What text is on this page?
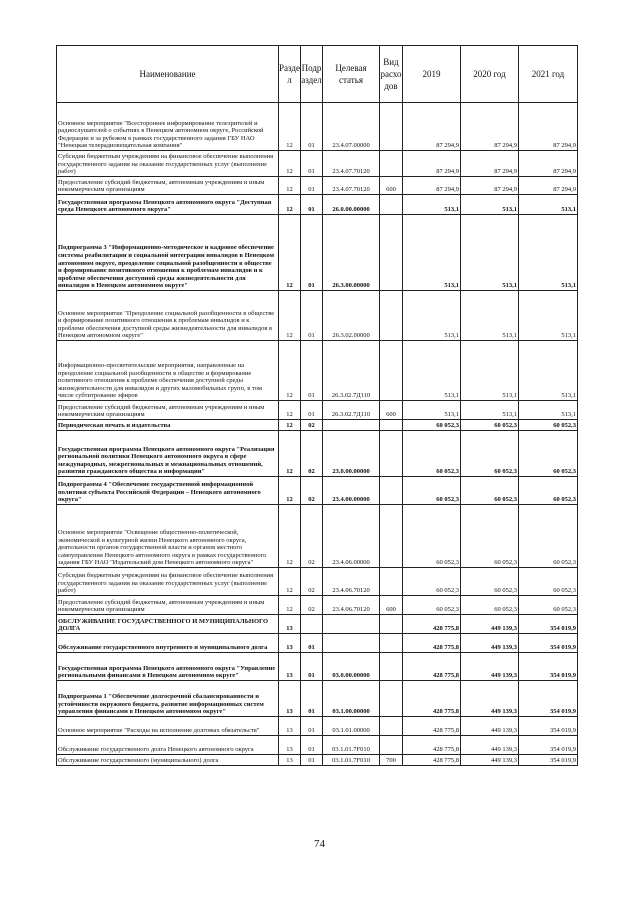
Наименование	Разде л	Подр аздел	Целевая статья	Вид расхо дов	2019	2020 год	2021 год
Основное мероприятие "Всестороннее информирование телезрителей и радиослушателей о событиях в Ненецком автономном округе, Российской Федерации и за рубежом в рамках государственного задания ГБУ НАО "Ненецкая телерадиовещательная компания"	12	01	23.4.07.00000		87 294,9	87 294,9	87 294,9
Субсидии бюджетным учреждениям на финансовое обеспечение выполнения государственного задания на оказание государственных услуг (выполнение работ)	12	01	23.4.07.70120		87 294,9	87 294,9	87 294,9
Предоставление субсидий бюджетным, автономным учреждениям и иным некоммерческим организациям	12	01	23.4.07.70120	600	87 294,9	87 294,9	87 294,9
Государственная программа Ненецкого автономного округа "Доступная среда Ненецкого автономного округа"	12	01	26.0.00.00000		513,1	513,1	513,1
Подпрограмма 3 "Информационно-методическое и кадровое обеспечение системы реабилитации и социальной интеграции инвалидов в Ненецком автономном округе, преодоление социальной разобщенности в обществе и формирование позитивного отношения к проблемам инвалидов и к проблеме обеспечения доступной среды жизнедеятельности для инвалидов в Ненецком автономном округе"	12	01	26.3.00.00000		513,1	513,1	513,1
Основное мероприятие "Преодоление социальной разобщенности в обществе и формирование позитивного отношения к проблемам инвалидов и к проблеме обеспечения доступной среды жизнедеятельности для инвалидов в Ненецком автономном округе"	12	01	26.3.02.00000		513,1	513,1	513,1
Информационно-просветительские мероприятия, направленные на преодоление социальной разобщенности в обществе и формирование позитивного отношения к проблеме обеспечения доступной среды жизнедеятельности для инвалидов и других маломобильных групп, в том числе субтитрование эфиров	12	01	26.3.02.7Д110		513,1	513,1	513,1
Предоставление субсидий бюджетным, автономным учреждениям и иным некоммерческим организациям	12	01	26.3.02.7Д110	600	513,1	513,1	513,1
Периодическая печать и издательства	12	02			60 052,3	60 052,3	60 052,3
Государственная программа Ненецкого автономного округа "Реализация региональной политики Ненецкого автономного округа в сфере международных, межрегиональных и межнациональных отношений, развития гражданского общества и информации"	12	02	23.0.00.00000		60 052,3	60 052,3	60 052,3
Подпрограмма 4 "Обеспечение государственной информационной политики субъекта Российской Федерации – Ненецкого автономного округа"	12	02	23.4.00.00000		60 052,3	60 052,3	60 052,3
Основное мероприятие "Освещение общественно-политической, экономической и культурной жизни Ненецкого автономного округа, деятельности органов государственной власти и органов местного самоуправления Ненецкого автономного округа в рамках государственного задания ГБУ НАО "Издательский дом Ненецкого автономного округа"	12	02	23.4.06.00000		60 052,3	60 052,3	60 052,3
Субсидии бюджетным учреждениям на финансовое обеспечение выполнения государственного задания на оказание государственных услуг (выполнение работ)	12	02	23.4.06.70120		60 052,3	60 052,3	60 052,3
Предоставление субсидий бюджетным, автономным учреждениям и иным некоммерческим организациям	12	02	23.4.06.70120	600	60 052,3	60 052,3	60 052,3
ОБСЛУЖИВАНИЕ ГОСУДАРСТВЕННОГО И МУНИЦИПАЛЬНОГО ДОЛГА	13				428 775,8	449 139,3	354 019,9
Обслуживание государственного внутреннего и муниципального долга	13	01			428 775,8	449 139,3	354 019,9
Государственная программа Ненецкого автономного округа "Управление региональными финансами в Ненецком автономном округе"	13	01	03.0.00.00000		428 775,8	449 139,3	354 019,9
Подпрограмма 1 "Обеспечение долгосрочной сбалансированности и устойчивости окружного бюджета, развитие информационных систем управления финансами в Ненецком автономном округе"	13	01	03.1.00.00000		428 775,8	449 139,3	354 019,9
Основное мероприятие "Расходы на исполнение долговых обязательств"	13	01	03.1.01.00000		428 775,8	449 139,3	354 019,9
Обслуживание государственного долга Ненецкого автономного округа	13	01	03.1.01.7F010		428 775,8	449 139,3	354 019,9
Обслуживание государственного (муниципального) долга	13	01	03.1.01.7F010	700	428 775,8	449 139,3	354 019,9
74
